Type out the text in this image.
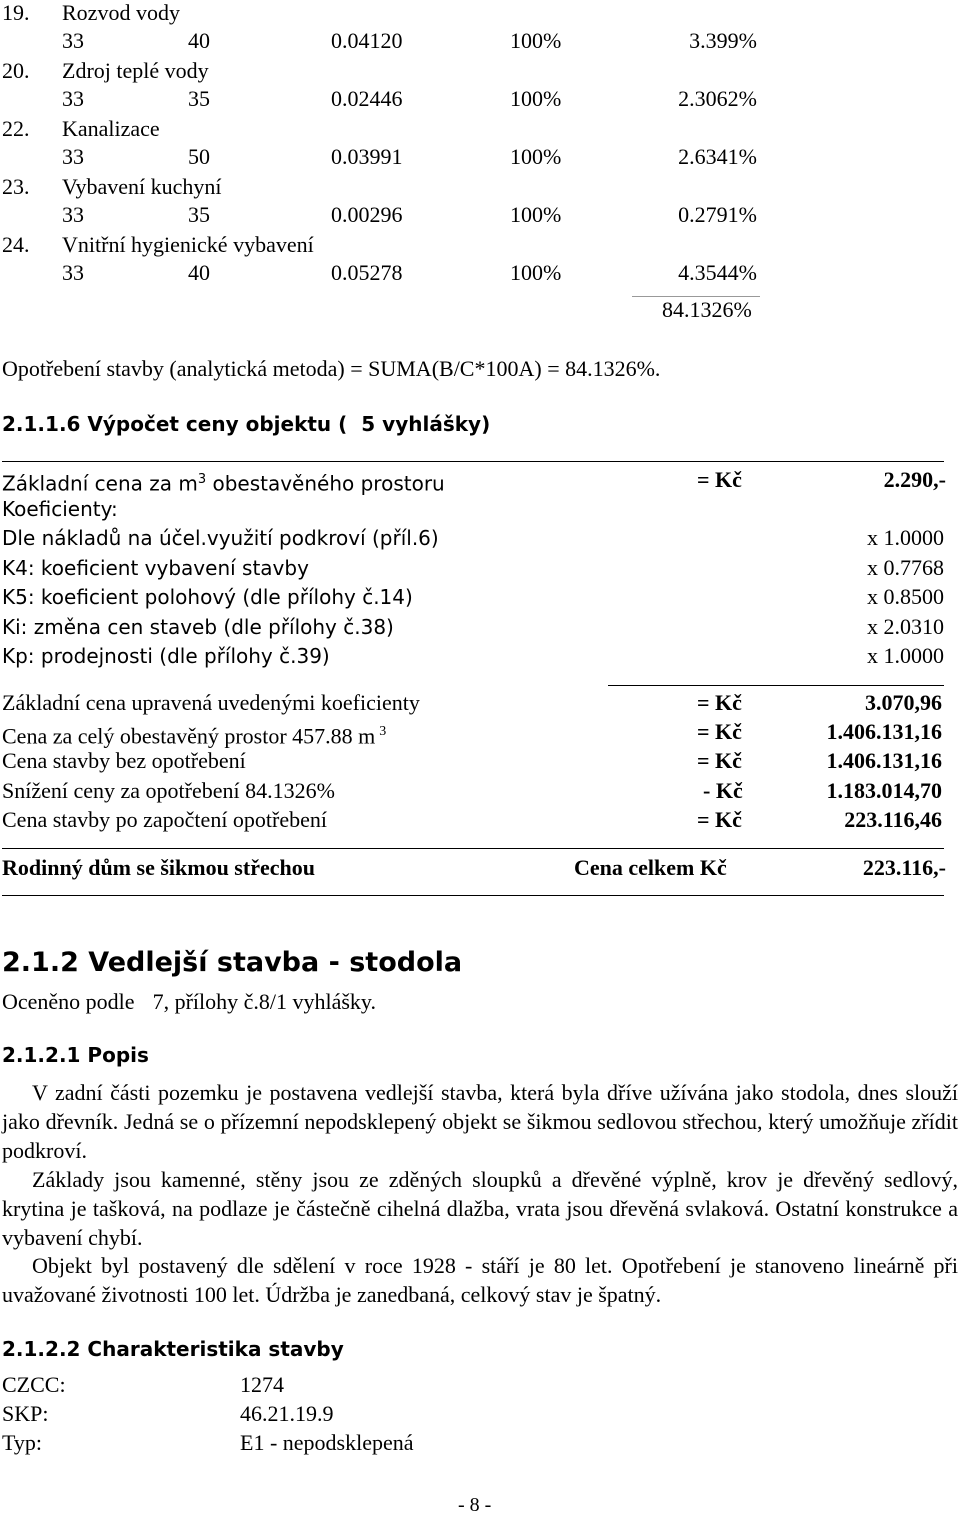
19. Rozvod vody
33	40	0.04120	100%	3.399%
20. Zdroj teplé vody
33	35	0.02446	100%	2.3062%
22. Kanalizace
33	50	0.03991	100%	2.6341%
23. Vybavení kuchyní
33	35	0.00296	100%	0.2791%
24. Vnitřní hygienické vybavení
33	40	0.05278	100%	4.3544%
84.1326%
Opotřebení stavby (analytická metoda) = SUMA(B/C*100A) = 84.1326%.
2.1.1.6 Výpočet ceny objektu ( 5 vyhlášky)
Základní cena za $m^3$ obestavěného prostoru	= Kč	2.290,-
Koeficienty:
Dle nákladů na účel.využití podkroví (příl.6)	x 1.0000
K4: koeficient vybavení stavby	x 0.7768
K5: koeficient polohový (dle přílohy č.14)	x 0.8500
Ki: změna cen staveb (dle přílohy č.38)	x 2.0310
Kp: prodejnosti (dle přílohy č.39)	x 1.0000
Základní cena upravená uvedenými koeficienty	= Kč	3.070,96
Cena za celý obestavěný prostor 457.88 m $^3$	= Kč	1.406.131,16
Cena stavby bez opotřebení	= Kč	1.406.131,16
Snížení ceny za opotřebení 84.1326%	- Kč	1.183.014,70
Cena stavby po započtení opotřebení	= Kč	223.116,46
Rodinný dům se šikmou střechou	Cena celkem Kč	223.116,-
2.1.2 Vedlejší stavba - stodola
Oceněno podle 7, přílohy č.8/1 vyhlášky.
2.1.2.1 Popis
V zadní části pozemku je postavena vedlejší stavba, která byla dříve užívána jako stodola, dnes slouží jako dřevník. Jedná se o přízemní nepodsklepený objekt se šikmou sedlovou střechou, který umožňuje zřídit podkroví.
Základy jsou kamenné, stěny jsou ze zděných sloupků a dřevěné výplně, krov je dřevěný sedlový, krytina je tašková, na podlaze je částečně cihelná dlažba, vrata jsou dřevěná svlaková. Ostatní konstrukce a vybavení chybí.
Objekt byl postavený dle sdělení v roce 1928 - stáří je 80 let. Opotřebení je stanoveno lineárně při uvažované životnosti 100 let. Údržba je zanedbaná, celkový stav je špatný.
2.1.2.2 Charakteristika stavby
CZCC:	1274
SKP:	46.21.19.9
Typ:	E1 - nepodsklepená
- 8 -
